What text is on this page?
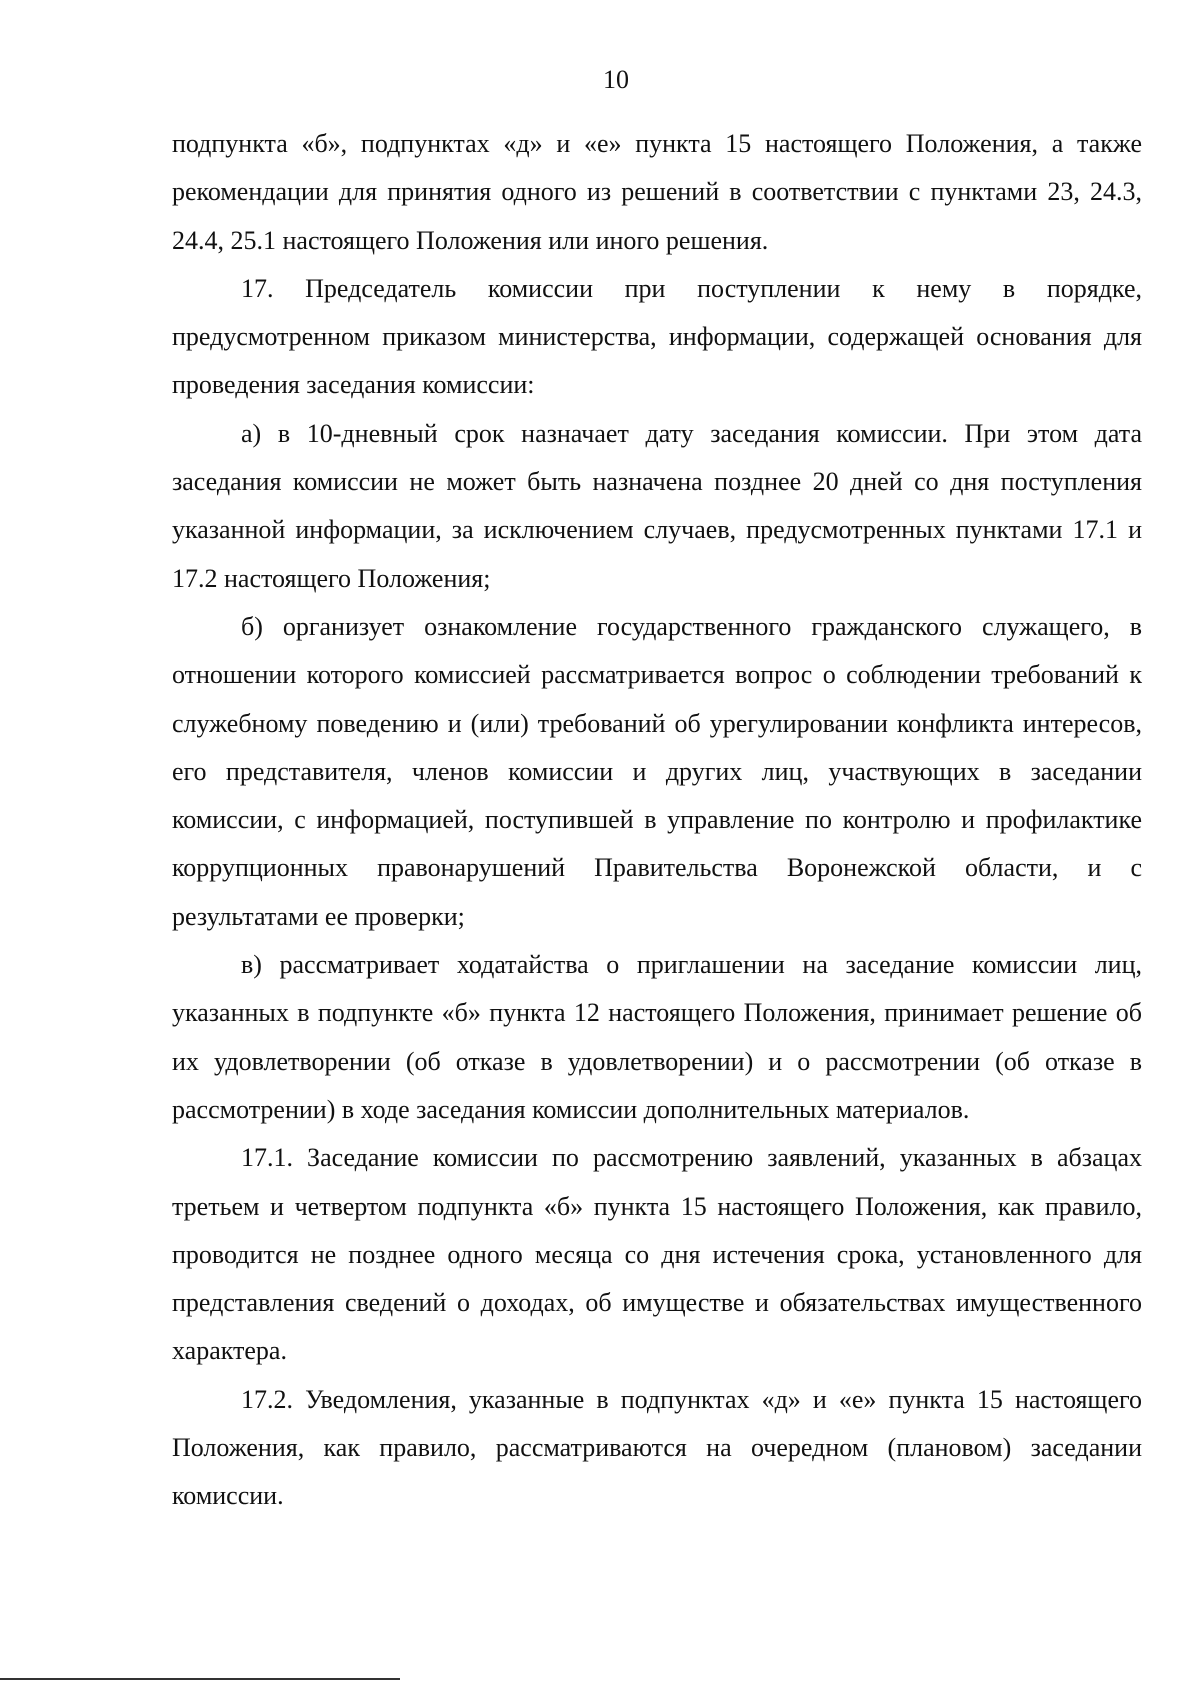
10

подпункта «б», подпунктах «д» и «е» пункта 15 настоящего Положения, а также рекомендации для принятия одного из решений в соответствии с пунктами 23, 24.3, 24.4, 25.1 настоящего Положения или иного решения.

17. Председатель комиссии при поступлении к нему в порядке, предусмотренном приказом министерства, информации, содержащей основания для проведения заседания комиссии:

а) в 10-дневный срок назначает дату заседания комиссии. При этом дата заседания комиссии не может быть назначена позднее 20 дней со дня поступления указанной информации, за исключением случаев, предусмотренных пунктами 17.1 и 17.2 настоящего Положения;

б) организует ознакомление государственного гражданского служащего, в отношении которого комиссией рассматривается вопрос о соблюдении требований к служебному поведению и (или) требований об урегулировании конфликта интересов, его представителя, членов комиссии и других лиц, участвующих в заседании комиссии, с информацией, поступившей в управление по контролю и профилактике коррупционных правонарушений Правительства Воронежской области, и с результатами ее проверки;

в) рассматривает ходатайства о приглашении на заседание комиссии лиц, указанных в подпункте «б» пункта 12 настоящего Положения, принимает решение об их удовлетворении (об отказе в удовлетворении) и о рассмотрении (об отказе в рассмотрении) в ходе заседания комиссии дополнительных материалов.

17.1. Заседание комиссии по рассмотрению заявлений, указанных в абзацах третьем и четвертом подпункта «б» пункта 15 настоящего Положения, как правило, проводится не позднее одного месяца со дня истечения срока, установленного для представления сведений о доходах, об имуществе и обязательствах имущественного характера.

17.2. Уведомления, указанные в подпунктах «д» и «е» пункта 15 настоящего Положения, как правило, рассматриваются на очередном (плановом) заседании комиссии.
